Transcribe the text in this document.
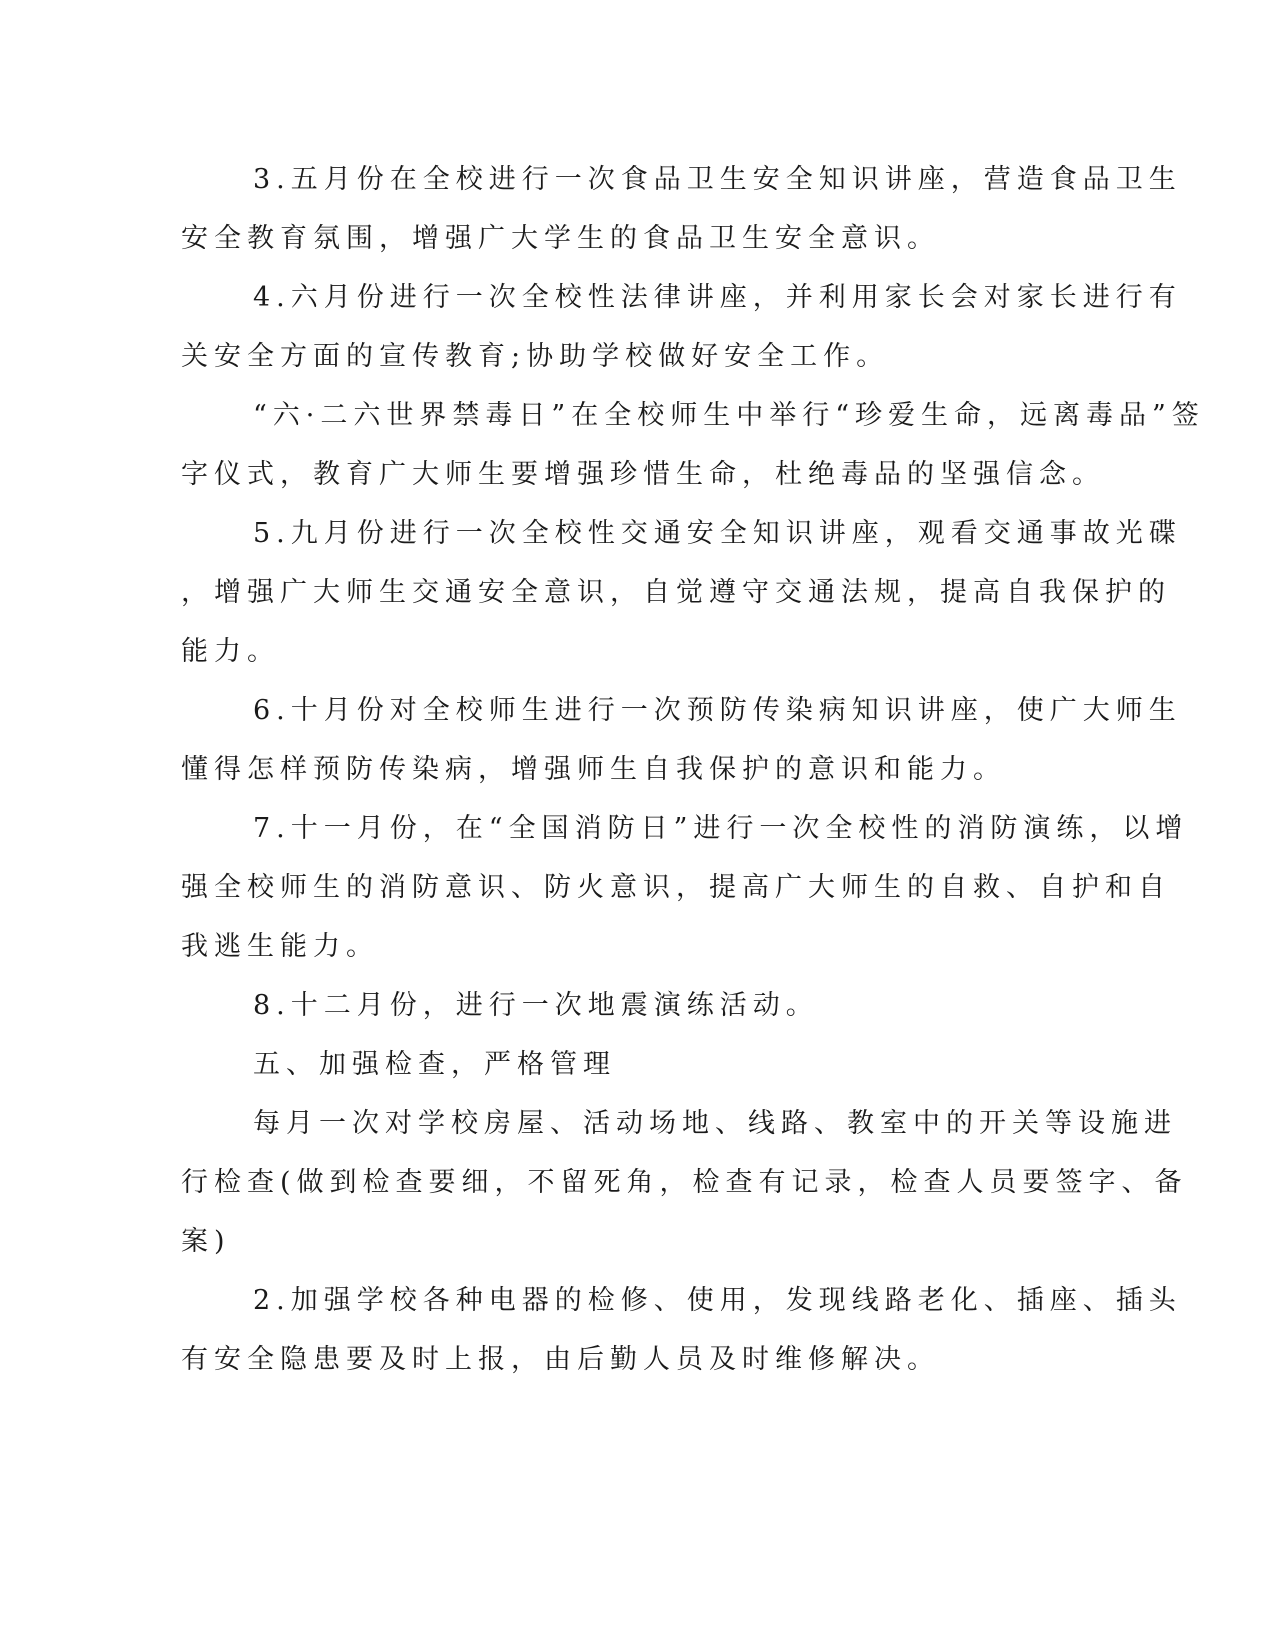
3.五月份在全校进行一次食品卫生安全知识讲座，营造食品卫生
安全教育氛围，增强广大学生的食品卫生安全意识。
4.六月份进行一次全校性法律讲座，并利用家长会对家长进行有
关安全方面的宣传教育;协助学校做好安全工作。
“六·二六世界禁毒日”在全校师生中举行“珍爱生命，远离毒品”签
字仪式，教育广大师生要增强珍惜生命，杜绝毒品的坚强信念。
5.九月份进行一次全校性交通安全知识讲座，观看交通事故光碟
，增强广大师生交通安全意识，自觉遵守交通法规，提高自我保护的
能力。
6.十月份对全校师生进行一次预防传染病知识讲座，使广大师生
懂得怎样预防传染病，增强师生自我保护的意识和能力。
7.十一月份，在“全国消防日”进行一次全校性的消防演练，以增
强全校师生的消防意识、防火意识，提高广大师生的自救、自护和自
我逃生能力。
8.十二月份，进行一次地震演练活动。
五、加强检查，严格管理
每月一次对学校房屋、活动场地、线路、教室中的开关等设施进
行检查(做到检查要细，不留死角，检查有记录，检查人员要签字、备
案)
2.加强学校各种电器的检修、使用，发现线路老化、插座、插头
有安全隐患要及时上报，由后勤人员及时维修解决。
